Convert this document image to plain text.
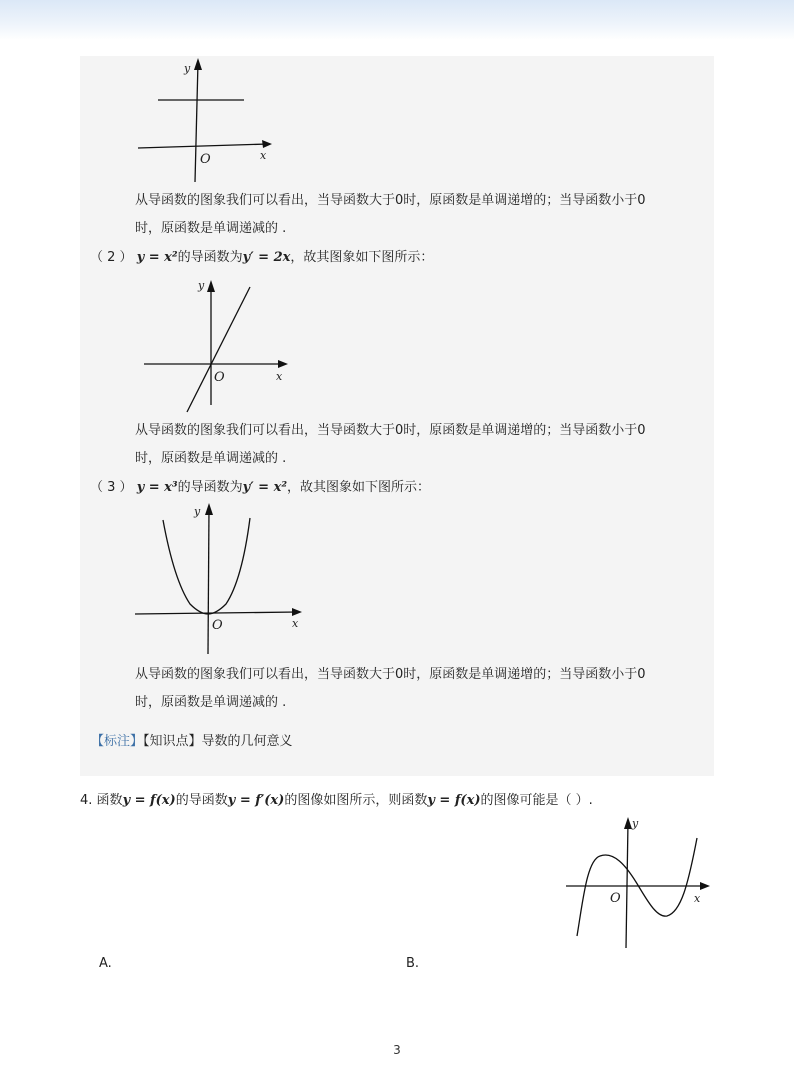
y
O	x
从导函数的图象我们可以看出，当导函数大于0时，原函数是单调递增的；当导函数小于0
时，原函数是单调递减的 .
（ 2 ） y = x²的导函数为y′ = 2x，故其图象如下图所示：
y
O	x
从导函数的图象我们可以看出，当导函数大于0时，原函数是单调递增的；当导函数小于0
时，原函数是单调递减的 .
（ 3 ） y = x³的导函数为y′ = x²，故其图象如下图所示：
y
O	x
从导函数的图象我们可以看出，当导函数大于0时，原函数是单调递增的；当导函数小于0
时，原函数是单调递减的 .
【标注】【知识点】导数的几何意义
4. 函数y = f(x)的导函数y = f′(x)的图像如图所示，则函数y = f(x)的图像可能是（ ）.
y
O	x
A.	B.
3
